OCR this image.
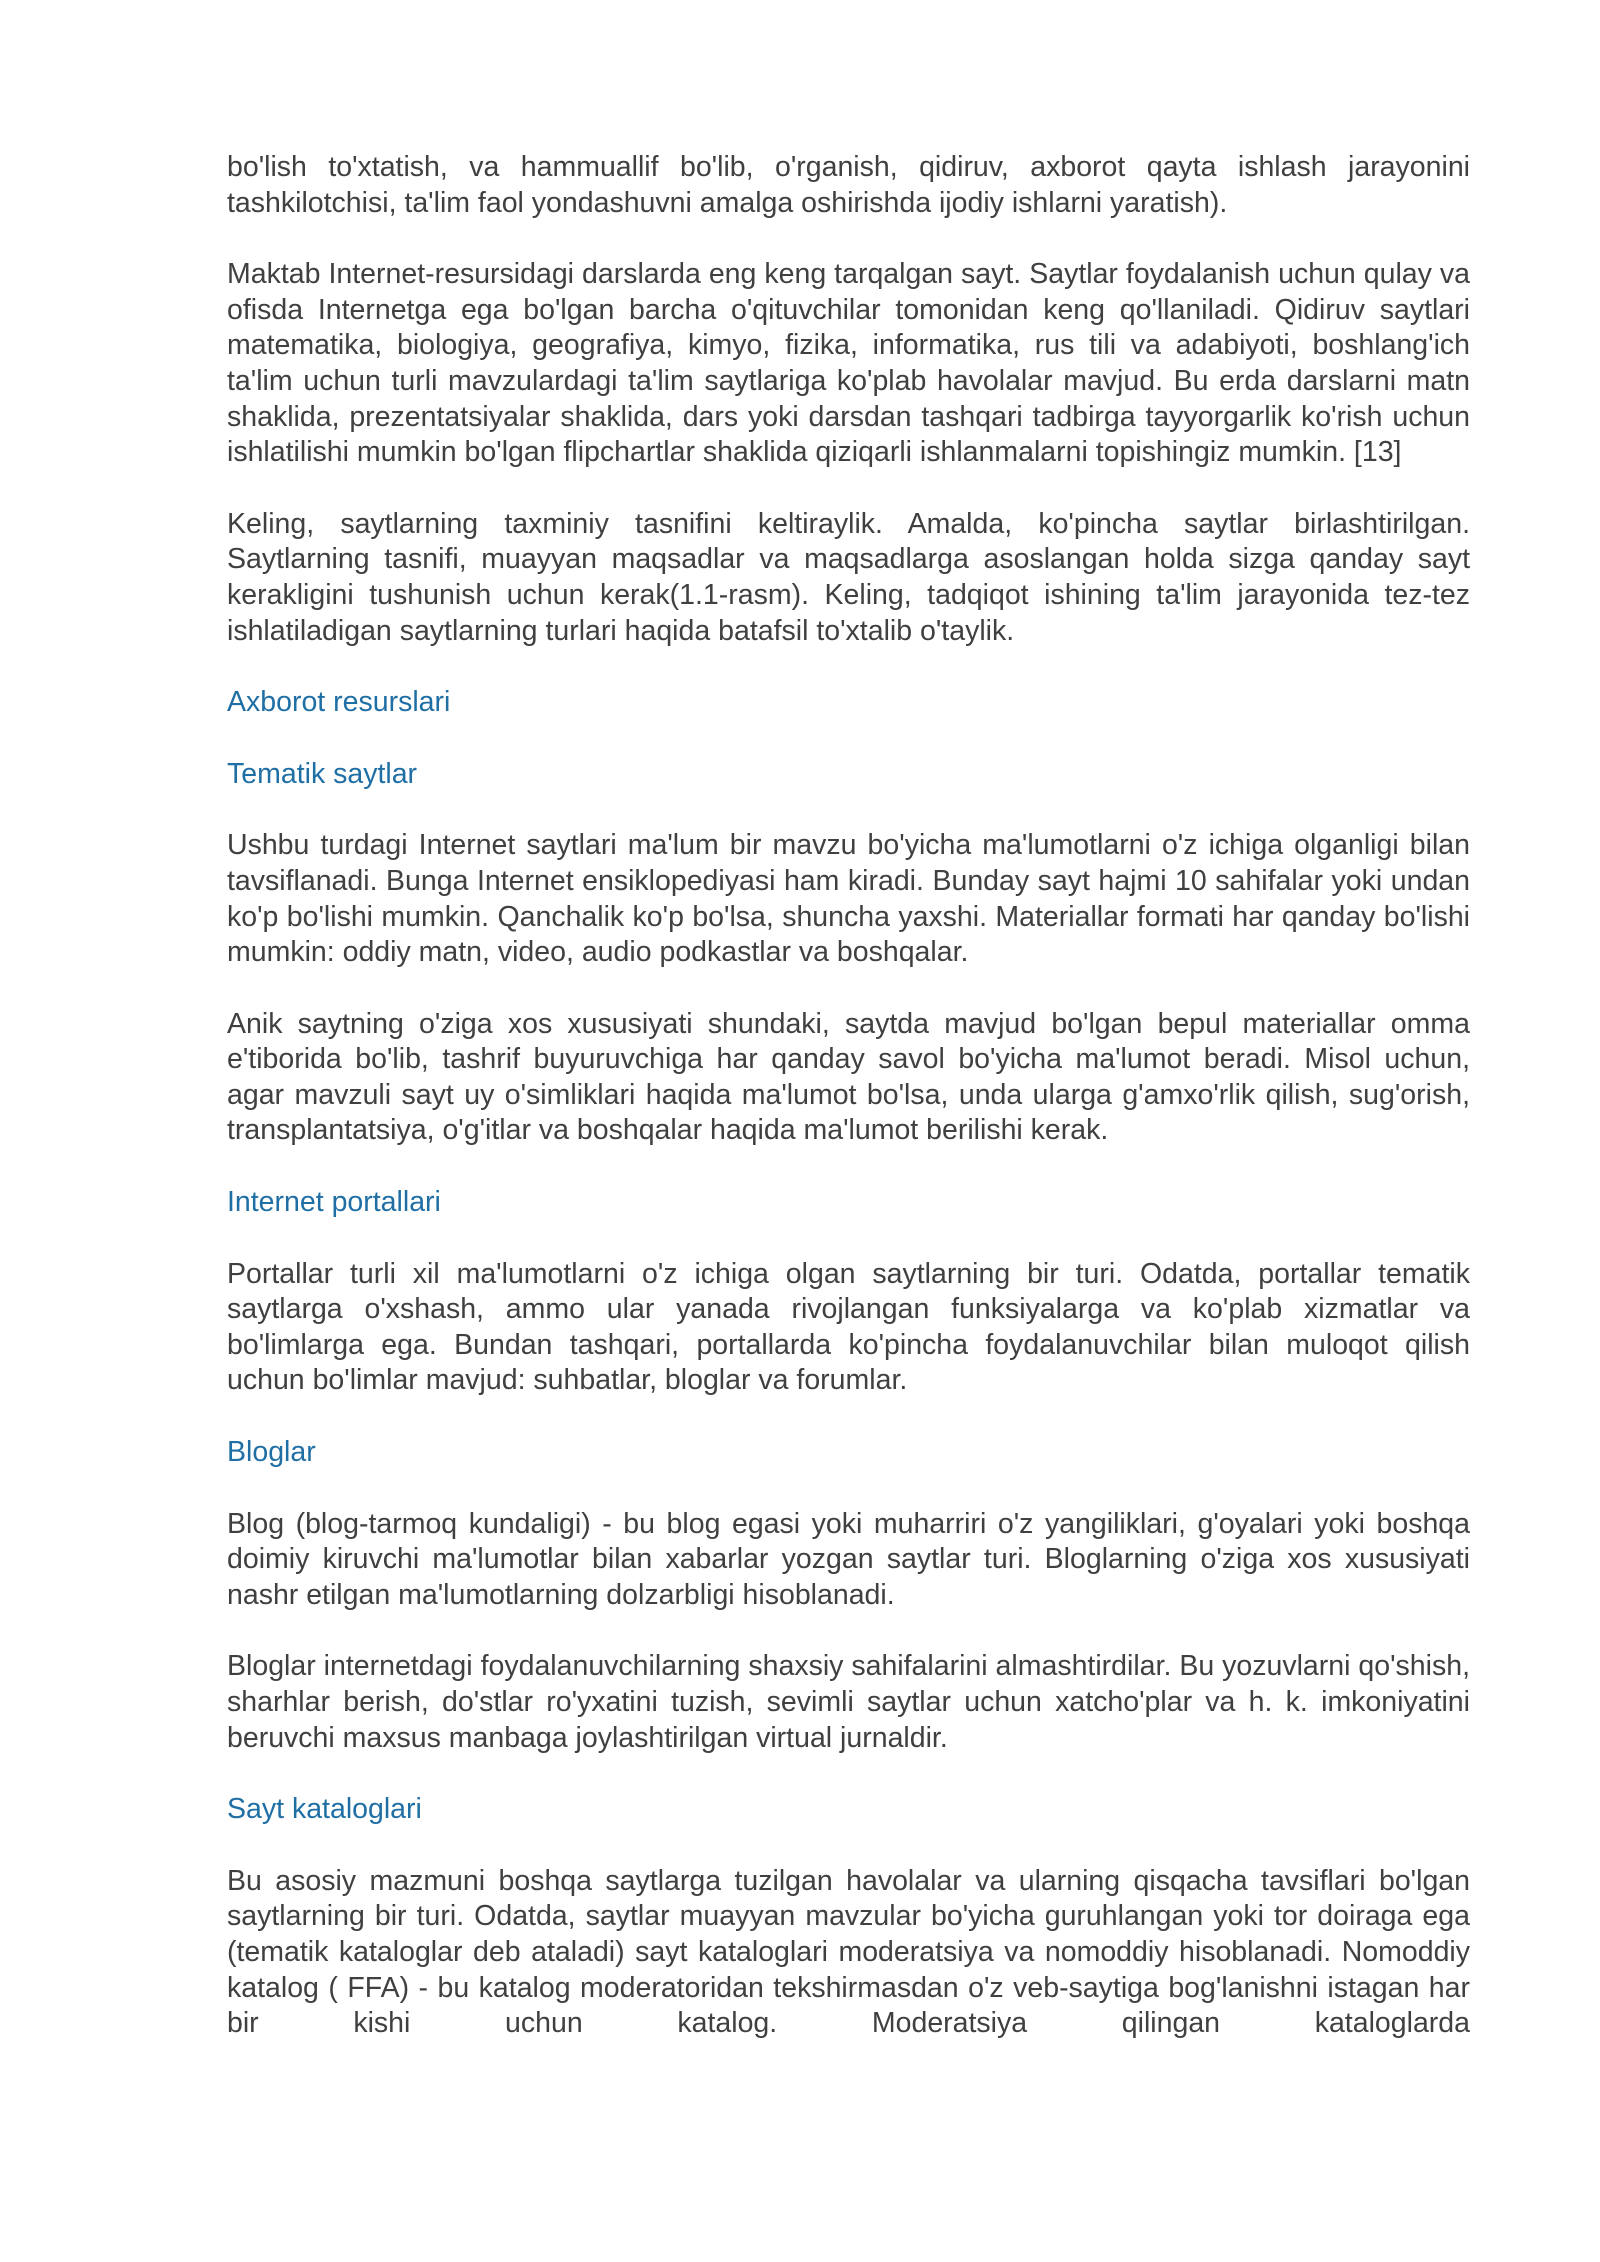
bo'lish to'xtatish, va hammuallif bo'lib, o'rganish, qidiruv, axborot qayta ishlash jarayonini tashkilotchisi, ta'lim faol yondashuvni amalga oshirishda ijodiy ishlarni yaratish).

Maktab Internet-resursidagi darslarda eng keng tarqalgan sayt. Saytlar foydalanish uchun qulay va ofisda Internetga ega bo'lgan barcha o'qituvchilar tomonidan keng qo'llaniladi. Qidiruv saytlari matematika, biologiya, geografiya, kimyo, fizika, informatika, rus tili va adabiyoti, boshlang'ich ta'lim uchun turli mavzulardagi ta'lim saytlariga ko'plab havolalar mavjud. Bu erda darslarni matn shaklida, prezentatsiyalar shaklida, dars yoki darsdan tashqari tadbirga tayyorgarlik ko'rish uchun ishlatilishi mumkin bo'lgan flipchartlar shaklida qiziqarli ishlanmalarni topishingiz mumkin. [13]

Keling, saytlarning taxminiy tasnifini keltiraylik. Amalda, ko'pincha saytlar birlashtirilgan. Saytlarning tasnifi, muayyan maqsadlar va maqsadlarga asoslangan holda sizga qanday sayt kerakligini tushunish uchun kerak(1.1-rasm). Keling, tadqiqot ishining ta'lim jarayonida tez-tez ishlatiladigan saytlarning turlari haqida batafsil to'xtalib o'taylik.

Axborot resurslari

Tematik saytlar

Ushbu turdagi Internet saytlari ma'lum bir mavzu bo'yicha ma'lumotlarni o'z ichiga olganligi bilan tavsiflanadi. Bunga Internet ensiklopediyasi ham kiradi. Bunday sayt hajmi 10 sahifalar yoki undan ko'p bo'lishi mumkin. Qanchalik ko'p bo'lsa, shuncha yaxshi. Materiallar formati har qanday bo'lishi mumkin: oddiy matn, video, audio podkastlar va boshqalar.

Anik saytning o'ziga xos xususiyati shundaki, saytda mavjud bo'lgan bepul materiallar omma e'tiborida bo'lib, tashrif buyuruvchiga har qanday savol bo'yicha ma'lumot beradi. Misol uchun, agar mavzuli sayt uy o'simliklari haqida ma'lumot bo'lsa, unda ularga g'amxo'rlik qilish, sug'orish, transplantatsiya, o'g'itlar va boshqalar haqida ma'lumot berilishi kerak.

Internet portallari

Portallar turli xil ma'lumotlarni o'z ichiga olgan saytlarning bir turi. Odatda, portallar tematik saytlarga o'xshash, ammo ular yanada rivojlangan funksiyalarga va ko'plab xizmatlar va bo'limlarga ega. Bundan tashqari, portallarda ko'pincha foydalanuvchilar bilan muloqot qilish uchun bo'limlar mavjud: suhbatlar, bloglar va forumlar.

Bloglar

Blog (blog-tarmoq kundaligi) - bu blog egasi yoki muharriri o'z yangiliklari, g'oyalari yoki boshqa doimiy kiruvchi ma'lumotlar bilan xabarlar yozgan saytlar turi. Bloglarning o'ziga xos xususiyati nashr etilgan ma'lumotlarning dolzarbligi hisoblanadi.

Bloglar internetdagi foydalanuvchilarning shaxsiy sahifalarini almashtirdilar. Bu yozuvlarni qo'shish, sharhlar berish, do'stlar ro'yxatini tuzish, sevimli saytlar uchun xatcho'plar va h. k. imkoniyatini beruvchi maxsus manbaga joylashtirilgan virtual jurnaldir.

Sayt kataloglari

Bu asosiy mazmuni boshqa saytlarga tuzilgan havolalar va ularning qisqacha tavsiflari bo'lgan saytlarning bir turi. Odatda, saytlar muayyan mavzular bo'yicha guruhlangan yoki tor doiraga ega (tematik kataloglar deb ataladi) sayt kataloglari moderatsiya va nomoddiy hisoblanadi. Nomoddiy katalog ( FFA) - bu katalog moderatoridan tekshirmasdan o'z veb-saytiga bog'lanishni istagan har bir kishi uchun katalog. Moderatsiya qilingan kataloglarda
